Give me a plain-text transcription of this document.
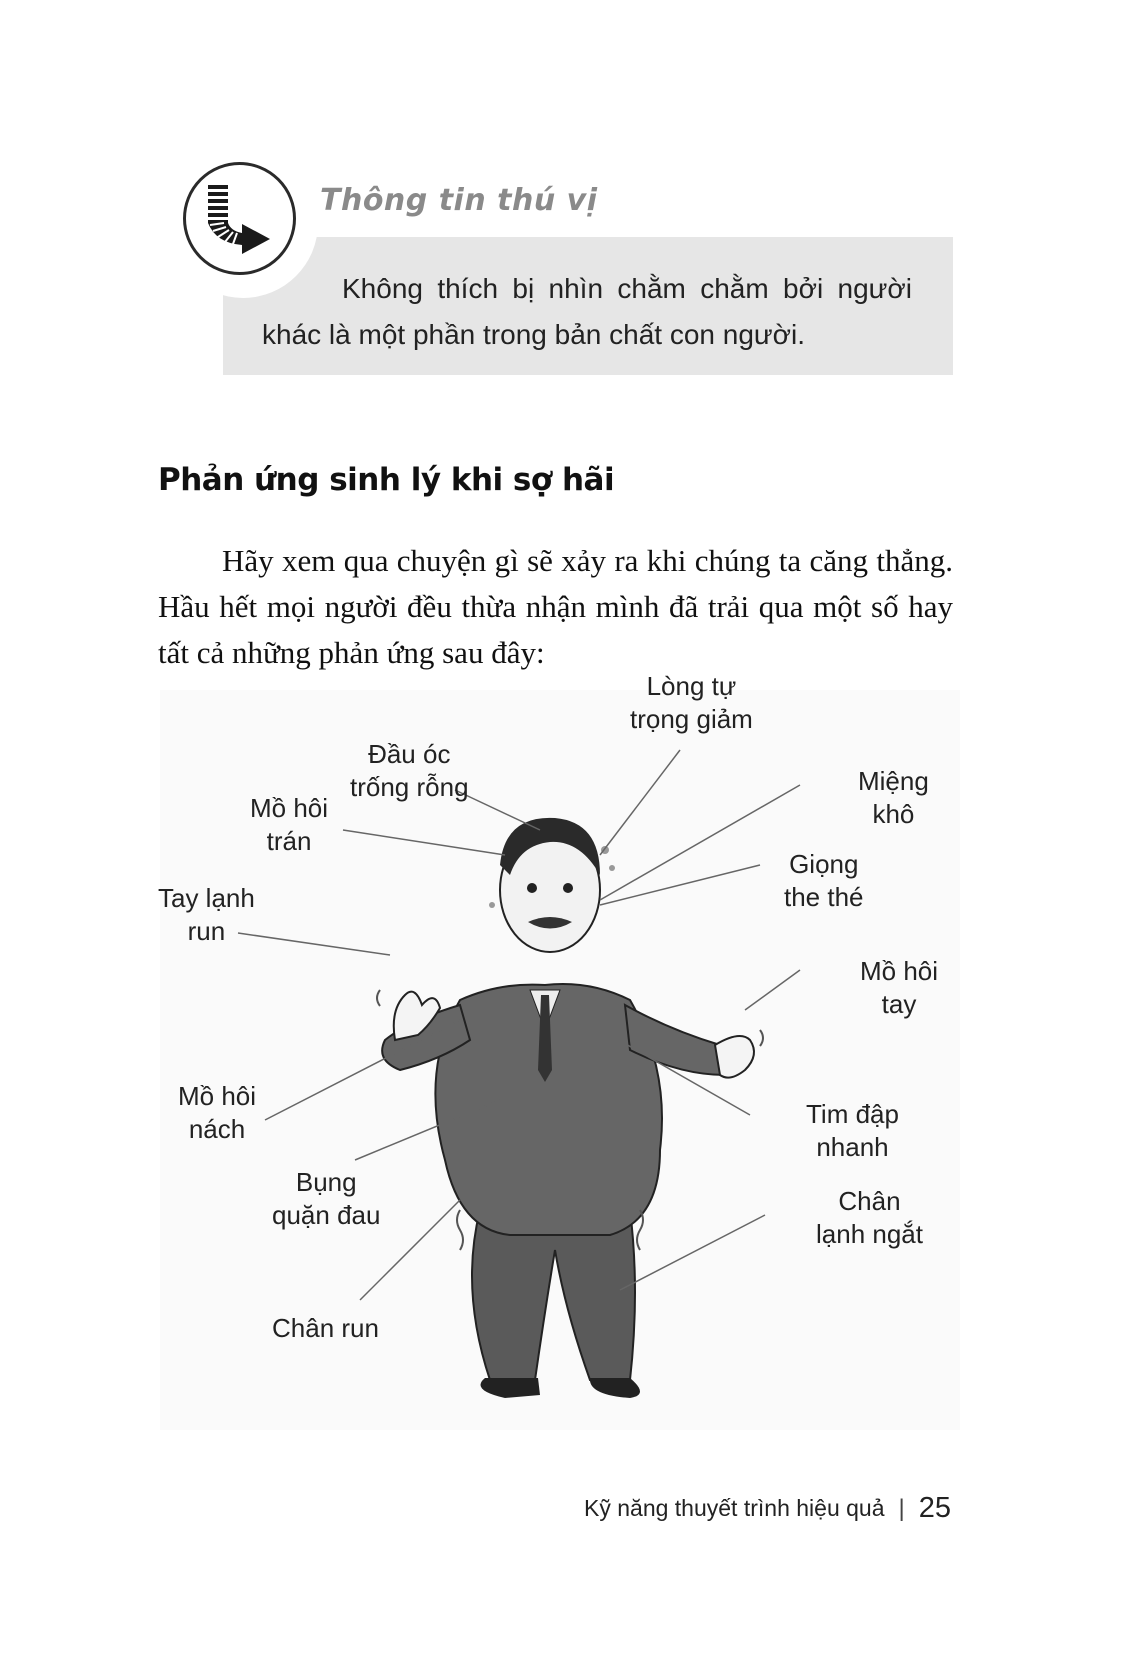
Thông tin thú vị
Không thích bị nhìn chằm chằm bởi người khác là một phần trong bản chất con người.
Phản ứng sinh lý khi sợ hãi
Hãy xem qua chuyện gì sẽ xảy ra khi chúng ta căng thẳng. Hầu hết mọi người đều thừa nhận mình đã trải qua một số hay tất cả những phản ứng sau đây:
Lòng tự
trọng giảm
Đầu óc
trống rỗng	Miệng
khô
Mồ hôi
trán
Giọng
the thé
Tay lạnh
run
Mồ hôi
tay
Mồ hôi
nách	Tim đập
nhanh
Bụng
quặn đau	Chân
lạnh ngắt
Chân run
Kỹ năng thuyết trình hiệu quả | 25
